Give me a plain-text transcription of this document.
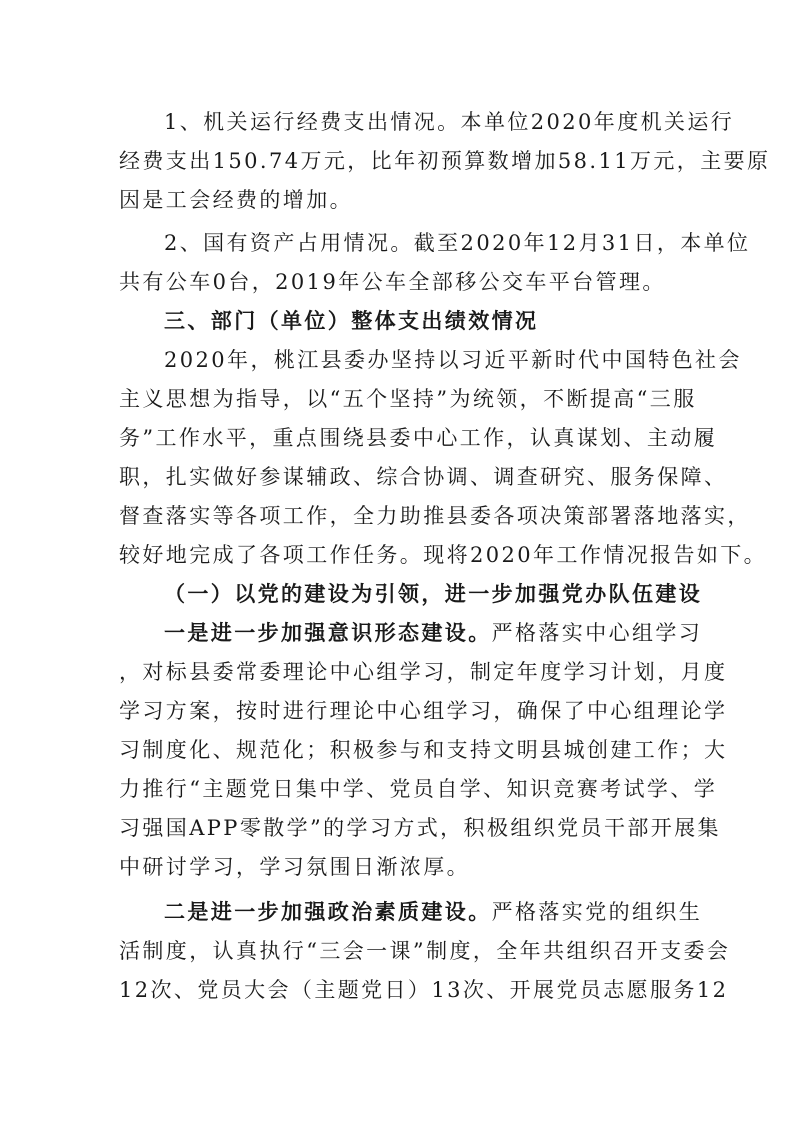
1、机关运行经费支出情况。本单位2020年度机关运行
经费支出150.74万元，比年初预算数增加58.11万元，主要原
因是工会经费的增加。
2、国有资产占用情况。截至2020年12月31日，本单位
共有公车0台，2019年公车全部移公交车平台管理。
三、部门（单位）整体支出绩效情况
2020年，桃江县委办坚持以习近平新时代中国特色社会
主义思想为指导，以“五个坚持”为统领，不断提高“三服
务”工作水平，重点围绕县委中心工作，认真谋划、主动履
职，扎实做好参谋辅政、综合协调、调查研究、服务保障、
督查落实等各项工作，全力助推县委各项决策部署落地落实，
较好地完成了各项工作任务。现将2020年工作情况报告如下。
（一）以党的建设为引领，进一步加强党办队伍建设
一是进一步加强意识形态建设。严格落实中心组学习
，对标县委常委理论中心组学习，制定年度学习计划，月度
学习方案，按时进行理论中心组学习，确保了中心组理论学
习制度化、规范化；积极参与和支持文明县城创建工作；大
力推行“主题党日集中学、党员自学、知识竞赛考试学、学
习强国APP零散学”的学习方式，积极组织党员干部开展集
中研讨学习，学习氛围日渐浓厚。
二是进一步加强政治素质建设。严格落实党的组织生
活制度，认真执行“三会一课”制度，全年共组织召开支委会
12次、党员大会（主题党日）13次、开展党员志愿服务12
